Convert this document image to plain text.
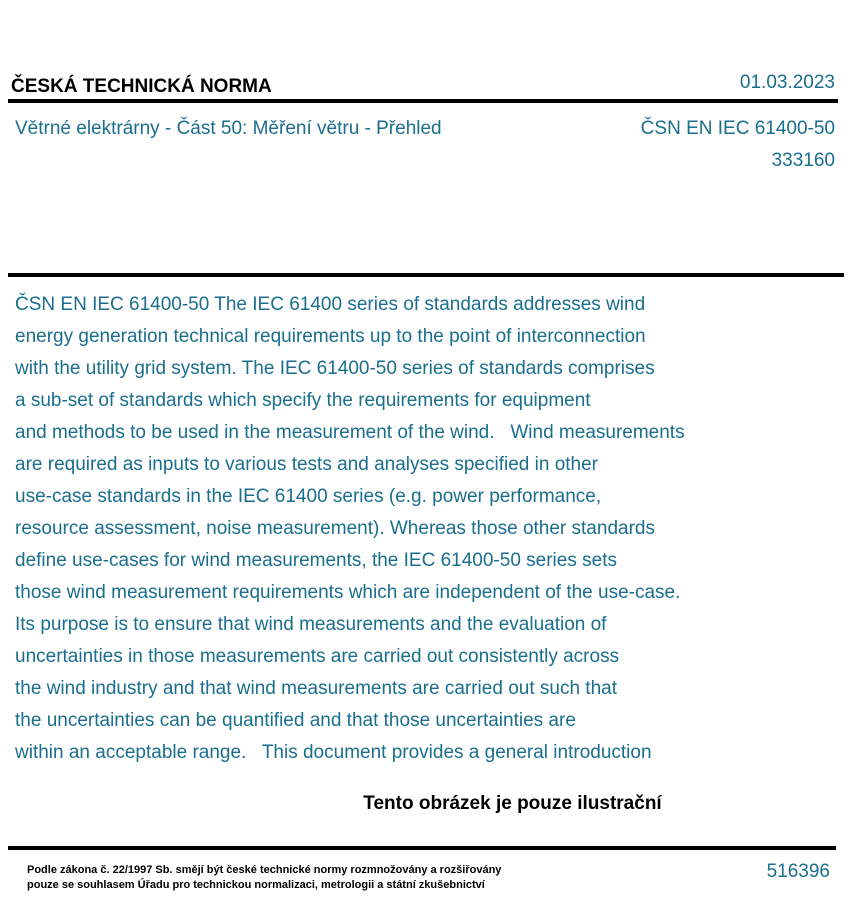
ČESKÁ TECHNICKÁ NORMA	01.03.2023
Větrné elektrárny - Část 50: Měření větru - Přehled	ČSN EN IEC 61400-50
333160
ČSN EN IEC 61400-50 The IEC 61400 series of standards addresses wind
energy generation technical requirements up to the point of interconnection
with the utility grid system. The IEC 61400-50 series of standards comprises
a sub-set of standards which specify the requirements for equipment
and methods to be used in the measurement of the wind.   Wind measurements
are required as inputs to various tests and analyses specified in other
use-case standards in the IEC 61400 series (e.g. power performance,
resource assessment, noise measurement). Whereas those other standards
define use-cases for wind measurements, the IEC 61400-50 series sets
those wind measurement requirements which are independent of the use-case.
Its purpose is to ensure that wind measurements and the evaluation of
uncertainties in those measurements are carried out consistently across
the wind industry and that wind measurements are carried out such that
the uncertainties can be quantified and that those uncertainties are
within an acceptable range.   This document provides a general introduction
Tento obrázek je pouze ilustrační
Podle zákona č. 22/1997 Sb. smějí být české technické normy rozmnožovány a rozšiřovány
pouze se souhlasem Úřadu pro technickou normalizaci, metrologii a státní zkušebnictví
516396
